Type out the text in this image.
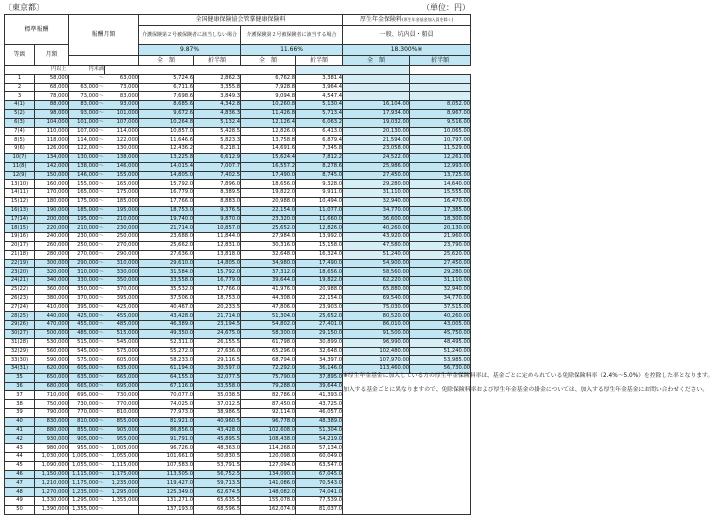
〔東京都〕	（単位：円）
標準報酬		報酬月額			全国健康保険協会管掌健康保険料				厚生年金保険料(厚生年金基金加入員を除く)	
					介護保険第２号被保険者に該当しない場合		介護保険第２号被保険者に該当する場合		一般、坑内員・船員	
等級	月額				9.87%		11.66%		18.300%※	
					全　額	折半額	全　額	折半額	全　額	折半額
円以上		円未満								
1	58,000		～	63,000	5,724.6	2,862.3	6,762.8	3,381.4		
2	68,000	63,000	～	73,000	6,711.6	3,355.8	7,928.8	3,964.4		
3	78,000	73,000	～	83,000	7,698.6	3,849.3	9,094.8	4,547.4		
4(1)	88,000	83,000	～	93,000	8,685.6	4,342.8	10,260.8	5,130.4	16,104.00	8,052.00
5(2)	98,000	93,000	～	101,000	9,672.6	4,836.3	11,426.8	5,713.4	17,934.00	8,967.00
6(3)	104,000	101,000	～	107,000	10,264.8	5,132.4	12,126.4	6,063.2	19,032.00	9,516.00
7(4)	110,000	107,000	～	114,000	10,857.0	5,428.5	12,826.0	6,413.0	20,130.00	10,065.00
8(5)	118,000	114,000	～	122,000	11,646.6	5,823.3	13,758.8	6,879.4	21,594.00	10,797.00
9(6)	126,000	122,000	～	130,000	12,436.2	6,218.1	14,691.6	7,345.8	23,058.00	11,529.00
10(7)	134,000	130,000	～	138,000	13,225.8	6,612.9	15,624.4	7,812.2	24,522.00	12,261.00
11(8)	142,000	138,000	～	146,000	14,015.4	7,007.7	16,557.2	8,278.6	25,986.00	12,993.00
12(9)	150,000	146,000	～	155,000	14,805.0	7,402.5	17,490.0	8,745.0	27,450.00	13,725.00
13(10)	160,000	155,000	～	165,000	15,792.0	7,896.0	18,656.0	9,328.0	29,280.00	14,640.00
14(11)	170,000	165,000	～	175,000	16,779.0	8,389.5	19,822.0	9,911.0	31,110.00	15,555.00
15(12)	180,000	175,000	～	185,000	17,766.0	8,883.0	20,988.0	10,494.0	32,940.00	16,470.00
16(13)	190,000	185,000	～	195,000	18,753.0	9,376.5	22,154.0	11,077.0	34,770.00	17,385.00
17(14)	200,000	195,000	～	210,000	19,740.0	9,870.0	23,320.0	11,660.0	36,600.00	18,300.00
18(15)	220,000	210,000	～	230,000	21,714.0	10,857.0	25,652.0	12,826.0	40,260.00	20,130.00
19(16)	240,000	230,000	～	250,000	23,688.0	11,844.0	27,984.0	13,992.0	43,920.00	21,960.00
20(17)	260,000	250,000	～	270,000	25,662.0	12,831.0	30,316.0	15,158.0	47,580.00	23,790.00
21(18)	280,000	270,000	～	290,000	27,636.0	13,818.0	32,648.0	16,324.0	51,240.00	25,620.00
22(19)	300,000	290,000	～	310,000	29,610.0	14,805.0	34,980.0	17,490.0	54,900.00	27,450.00
23(20)	320,000	310,000	～	330,000	31,584.0	15,792.0	37,312.0	18,656.0	58,560.00	29,280.00
24(21)	340,000	330,000	～	350,000	33,558.0	16,779.0	39,644.0	19,822.0	62,220.00	31,110.00
25(22)	360,000	350,000	～	370,000	35,532.0	17,766.0	41,976.0	20,988.0	65,880.00	32,940.00
26(23)	380,000	370,000	～	395,000	37,506.0	18,753.0	44,308.0	22,154.0	69,540.00	34,770.00
27(24)	410,000	395,000	～	425,000	40,467.0	20,233.5	47,806.0	23,903.0	75,030.00	37,515.00
28(25)	440,000	425,000	～	455,000	43,428.0	21,714.0	51,304.0	25,652.0	80,520.00	40,260.00
29(26)	470,000	455,000	～	485,000	46,389.0	23,194.5	54,802.0	27,401.0	86,010.00	43,005.00
30(27)	500,000	485,000	～	515,000	49,350.0	24,675.0	58,300.0	29,150.0	91,500.00	45,750.00
31(28)	530,000	515,000	～	545,000	52,311.0	26,155.5	61,798.0	30,899.0	96,990.00	48,495.00
32(29)	560,000	545,000	～	575,000	55,272.0	27,636.0	65,296.0	32,648.0	102,480.00	51,240.00
33(30)	590,000	575,000	～	605,000	58,233.0	29,116.5	68,794.0	34,397.0	107,970.00	53,985.00
34(31)	620,000	605,000	～	635,000	61,194.0	30,597.0	72,292.0	36,146.0	113,460.00	56,730.00
35	650,000	635,000	～	665,000	64,155.0	32,077.5	75,790.0	37,895.0	※厚生年金基金に加入している方の厚生年金保険料率は、基金ごとに定められている免除保険料率（2.4%～5.0%）を控除した率となります。
加入する基金ごとに異なりますので、免除保険料率および厚生年金基金の掛金については、加入する厚生年金基金にお問い合わせください。	

36	680,000	665,000	～	695,000	67,116.0	33,558.0	79,288.0	39,644.0		
37	710,000	695,000	～	730,000	70,077.0	35,038.5	82,786.0	41,393.0		
38	750,000	730,000	～	770,000	74,025.0	37,012.5	87,450.0	43,725.0		
39	790,000	770,000	～	810,000	77,973.0	38,986.5	92,114.0	46,057.0		
40	830,000	810,000	～	855,000	81,921.0	40,960.5	96,778.0	48,389.0		
41	880,000	855,000	～	905,000	86,856.0	43,428.0	102,608.0	51,304.0		
42	930,000	905,000	～	955,000	91,791.0	45,895.5	108,438.0	54,219.0		
43	980,000	955,000	～	1,005,000	96,726.0	48,363.0	114,268.0	57,134.0		
44	1,030,000	1,005,000	～	1,055,000	101,661.0	50,830.5	120,098.0	60,049.0		
45	1,090,000	1,055,000	～	1,115,000	107,583.0	53,791.5	127,094.0	63,547.0		
46	1,150,000	1,115,000	～	1,175,000	113,505.0	56,752.5	134,090.0	67,045.0		
47	1,210,000	1,175,000	～	1,235,000	119,427.0	59,713.5	141,086.0	70,543.0		
48	1,270,000	1,235,000	～	1,295,000	125,349.0	62,674.5	148,082.0	74,041.0		
49	1,330,000	1,295,000	～	1,355,000	131,271.0	65,635.5	155,078.0	77,539.0		
50	1,390,000	1,355,000	～		137,193.0	68,596.5	162,074.0	81,037.0		
